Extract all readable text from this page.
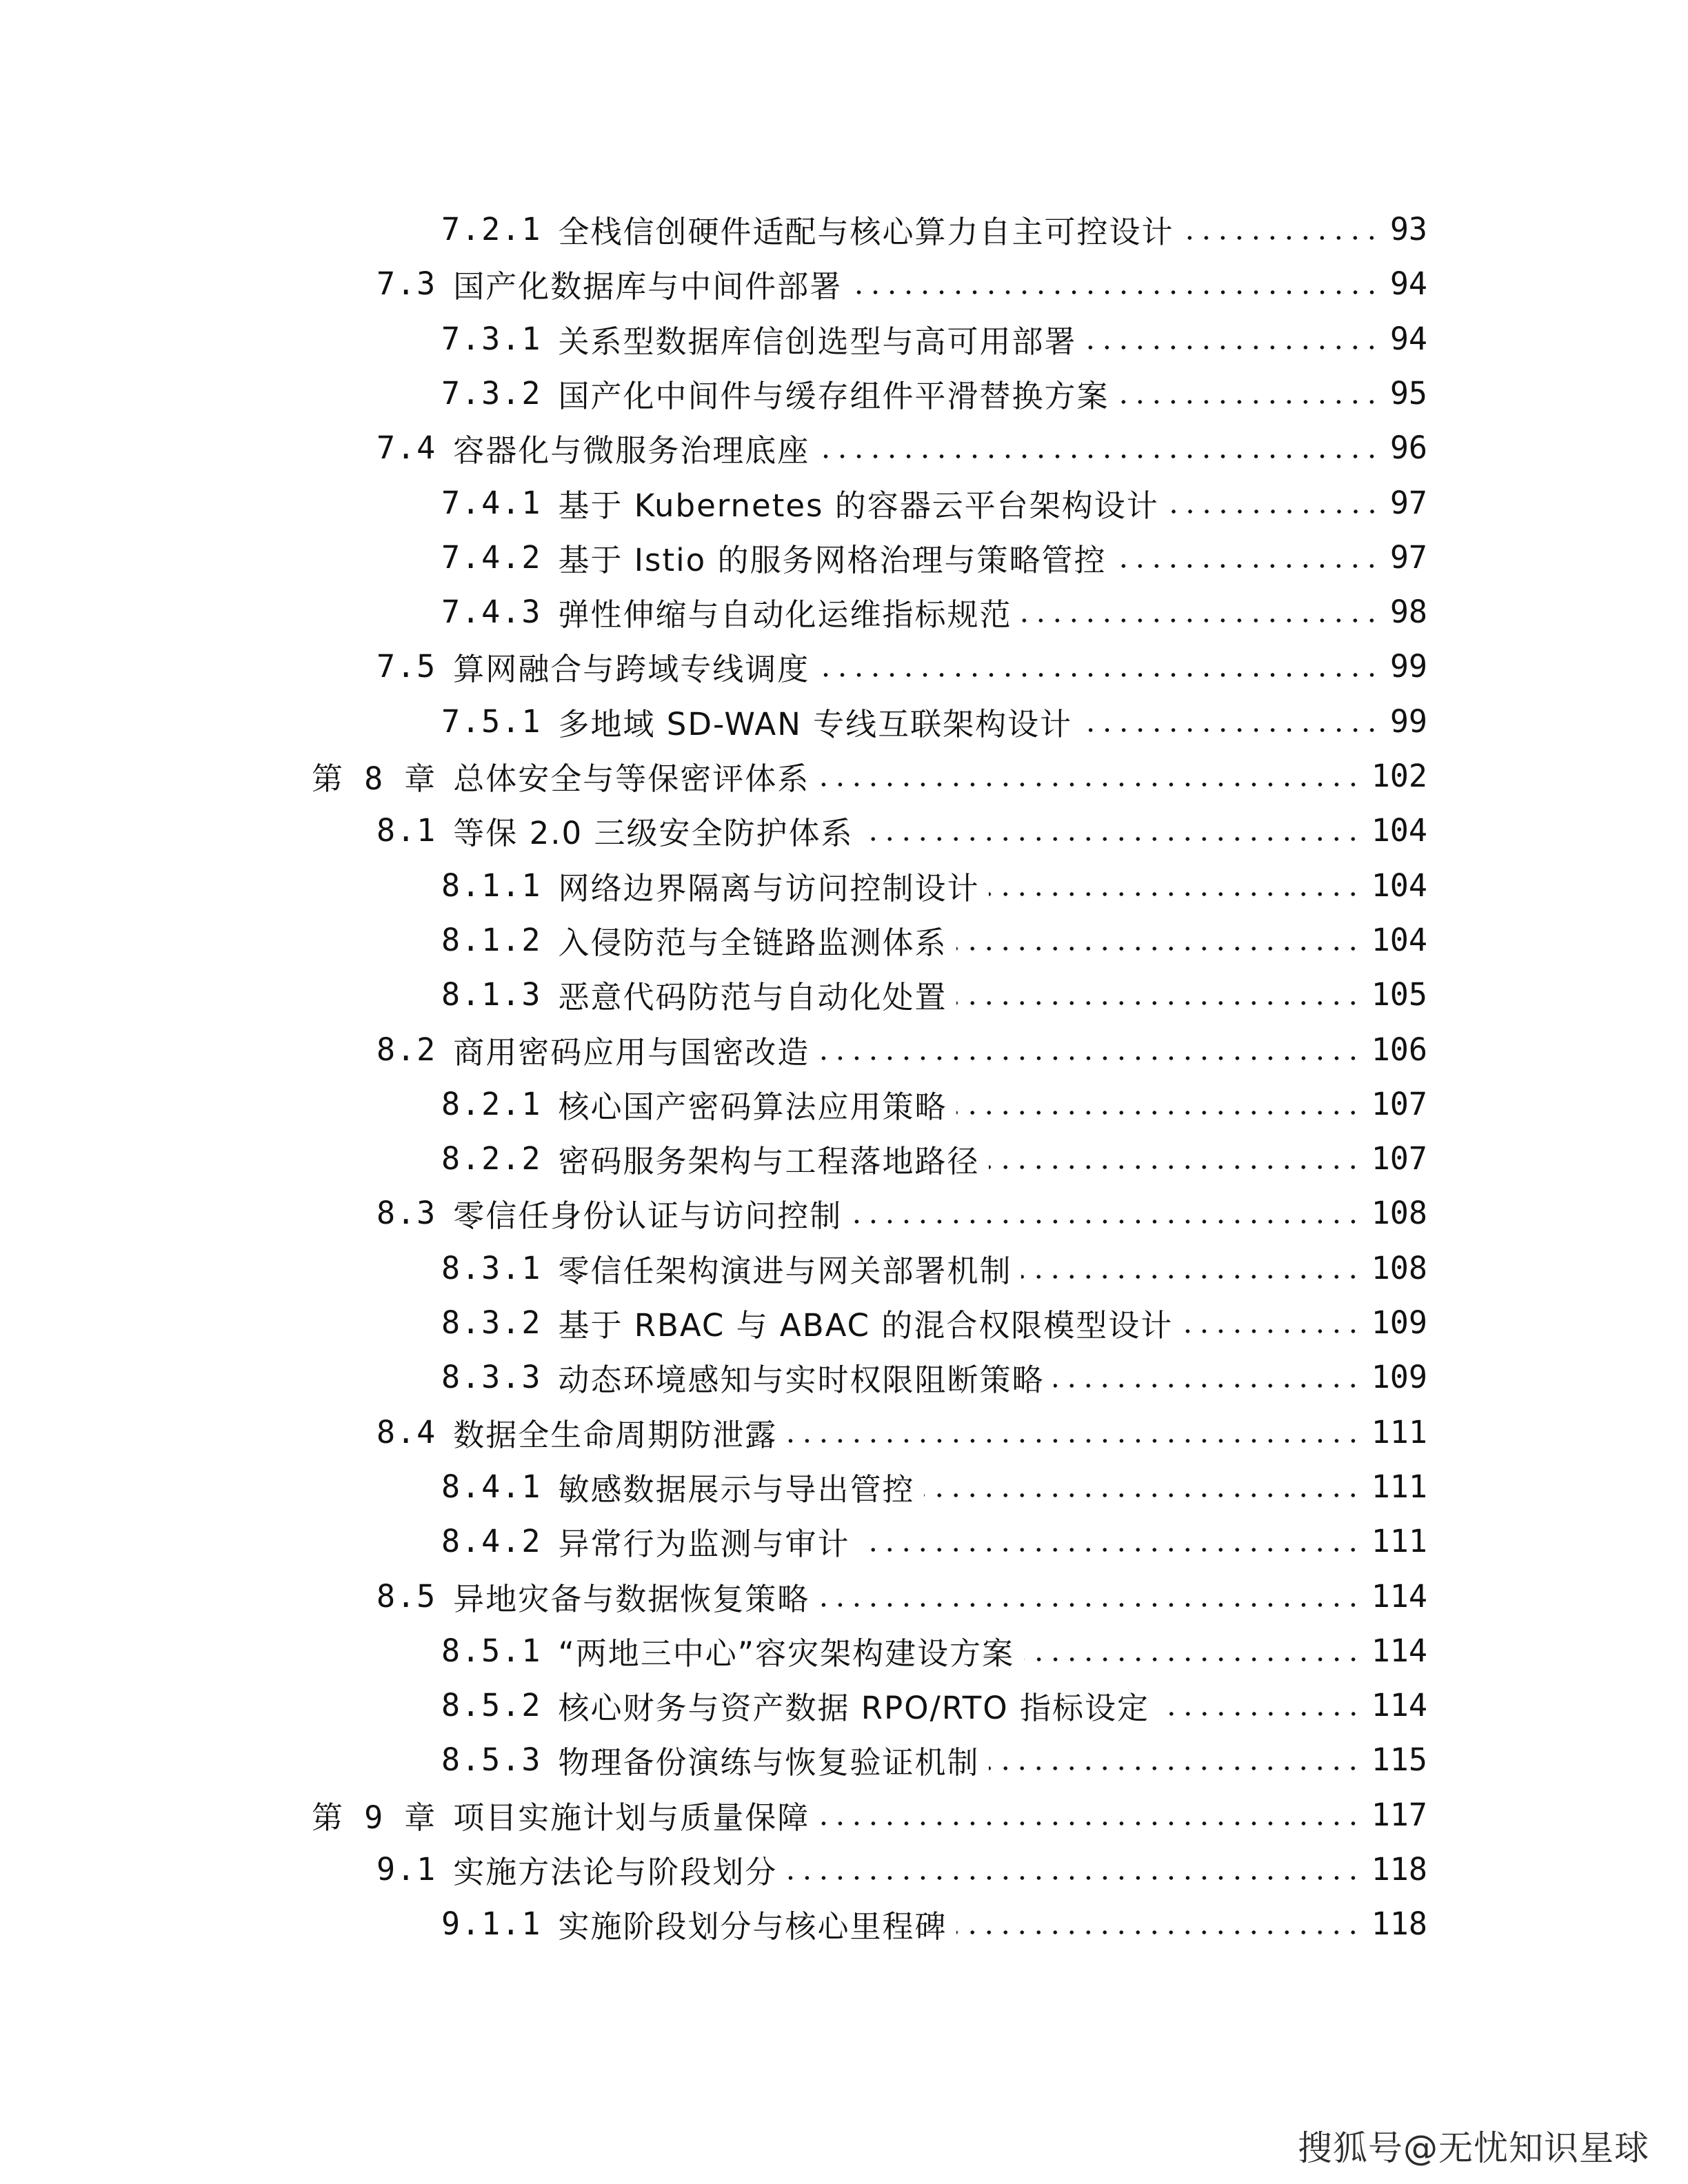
7.2.1 全栈信创硬件适配与核心算力自主可控设计	93
7.3 国产化数据库与中间件部署	94
7.3.1 关系型数据库信创选型与高可用部署	94
7.3.2 国产化中间件与缓存组件平滑替换方案	95
7.4 容器化与微服务治理底座	96
7.4.1 基于 Kubernetes 的容器云平台架构设计	97
7.4.2 基于 Istio 的服务网格治理与策略管控	97
7.4.3 弹性伸缩与自动化运维指标规范	98
7.5 算网融合与跨域专线调度	99
7.5.1 多地域 SD-WAN 专线互联架构设计	99
第 8 章 总体安全与等保密评体系	102
8.1 等保 2.0 三级安全防护体系	104
8.1.1 网络边界隔离与访问控制设计	104
8.1.2 入侵防范与全链路监测体系	104
8.1.3 恶意代码防范与自动化处置	105
8.2 商用密码应用与国密改造	106
8.2.1 核心国产密码算法应用策略	107
8.2.2 密码服务架构与工程落地路径	107
8.3 零信任身份认证与访问控制	108
8.3.1 零信任架构演进与网关部署机制	108
8.3.2 基于 RBAC 与 ABAC 的混合权限模型设计	109
8.3.3 动态环境感知与实时权限阻断策略	109
8.4 数据全生命周期防泄露	111
8.4.1 敏感数据展示与导出管控	111
8.4.2 异常行为监测与审计	111
8.5 异地灾备与数据恢复策略	114
8.5.1 “两地三中心”容灾架构建设方案	114
8.5.2 核心财务与资产数据 RPO/RTO 指标设定	114
8.5.3 物理备份演练与恢复验证机制	115
第 9 章 项目实施计划与质量保障	117
9.1 实施方法论与阶段划分	118
9.1.1 实施阶段划分与核心里程碑	118
搜狐号@无忧知识星球
